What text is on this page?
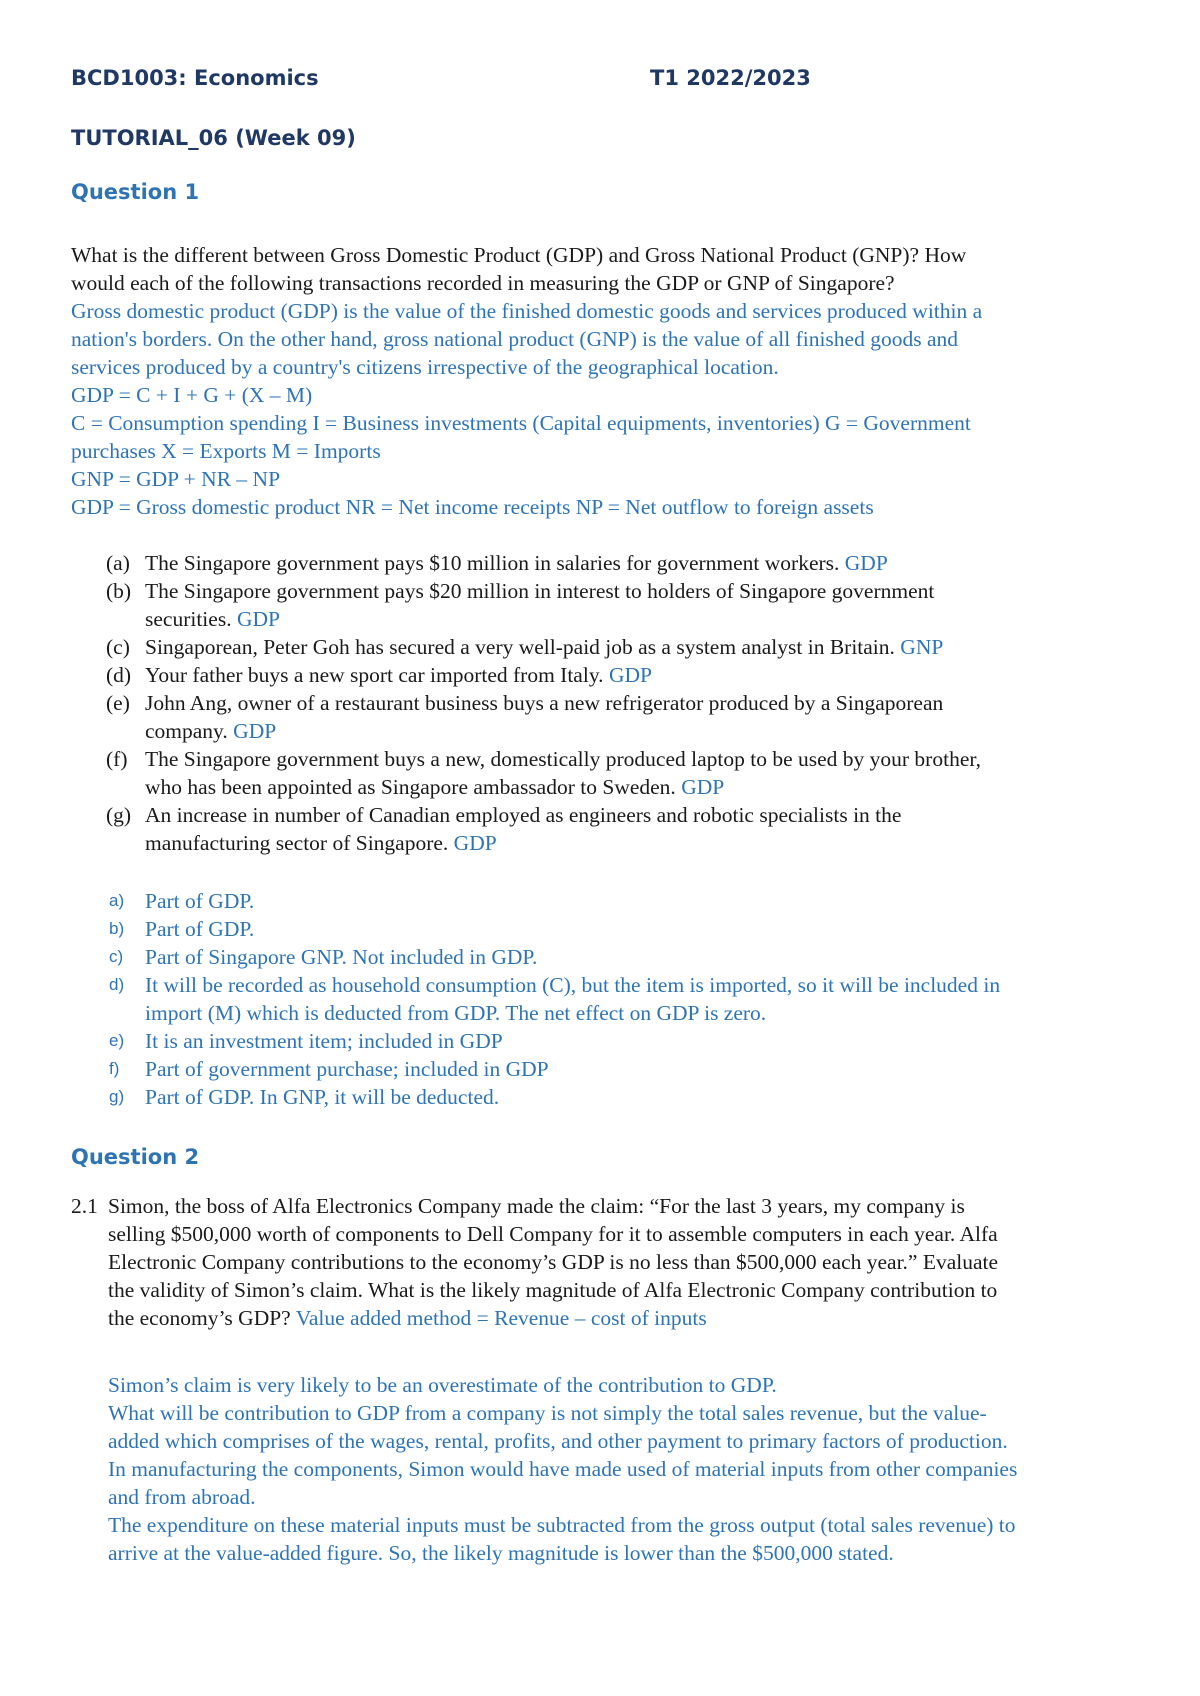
BCD1003: Economics	T1 2022/2023
TUTORIAL_06 (Week 09)
Question 1
What is the different between Gross Domestic Product (GDP) and Gross National Product (GNP)? How
would each of the following transactions recorded in measuring the GDP or GNP of Singapore?
Gross domestic product (GDP) is the value of the finished domestic goods and services produced within a
nation's borders. On the other hand, gross national product (GNP) is the value of all finished goods and
services produced by a country's citizens irrespective of the geographical location.
GDP = C + I + G + (X – M)
C = Consumption spending I = Business investments (Capital equipments, inventories) G = Government
purchases X = Exports M = Imports
GNP = GDP + NR – NP
GDP = Gross domestic product NR = Net income receipts NP = Net outflow to foreign assets
(a) The Singapore government pays $10 million in salaries for government workers. GDP
(b) The Singapore government pays $20 million in interest to holders of Singapore government
securities. GDP
(c) Singaporean, Peter Goh has secured a very well-paid job as a system analyst in Britain. GNP
(d) Your father buys a new sport car imported from Italy. GDP
(e) John Ang, owner of a restaurant business buys a new refrigerator produced by a Singaporean
company. GDP
(f) The Singapore government buys a new, domestically produced laptop to be used by your brother,
who has been appointed as Singapore ambassador to Sweden. GDP
(g) An increase in number of Canadian employed as engineers and robotic specialists in the
manufacturing sector of Singapore. GDP
a) Part of GDP.
b) Part of GDP.
c) Part of Singapore GNP. Not included in GDP.
d) It will be recorded as household consumption (C), but the item is imported, so it will be included in
import (M) which is deducted from GDP. The net effect on GDP is zero.
e) It is an investment item; included in GDP
f) Part of government purchase; included in GDP
g) Part of GDP. In GNP, it will be deducted.
Question 2
2.1 Simon, the boss of Alfa Electronics Company made the claim: “For the last 3 years, my company is
selling $500,000 worth of components to Dell Company for it to assemble computers in each year. Alfa
Electronic Company contributions to the economy’s GDP is no less than $500,000 each year.” Evaluate
the validity of Simon’s claim. What is the likely magnitude of Alfa Electronic Company contribution to
the economy’s GDP? Value added method = Revenue – cost of inputs
Simon’s claim is very likely to be an overestimate of the contribution to GDP.
What will be contribution to GDP from a company is not simply the total sales revenue, but the value-
added which comprises of the wages, rental, profits, and other payment to primary factors of production.
In manufacturing the components, Simon would have made used of material inputs from other companies
and from abroad.
The expenditure on these material inputs must be subtracted from the gross output (total sales revenue) to
arrive at the value-added figure. So, the likely magnitude is lower than the $500,000 stated.
